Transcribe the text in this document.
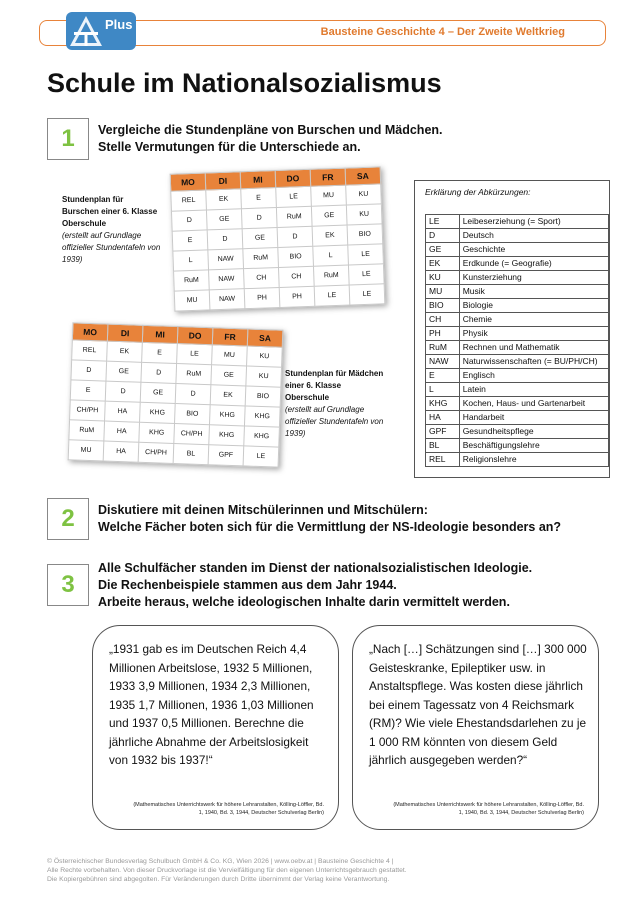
Bausteine Geschichte 4 – Der Zweite Weltkrieg
Plus
Schule im Nationalsozialismus
1	Vergleiche die Stundenpläne von Burschen und Mädchen.
Stelle Vermutungen für die Unterschiede an.

Stundenplan für Burschen einer 6. Klasse Oberschule
(erstellt auf Grundlage offizieller Stundentafeln von 1939)

MO	DI	MI	DO	FR	SA
REL	EK	E	LE	MU	KU
D	GE	D	RuM	GE	KU
E	D	GE	D	EK	BIO
L	NAW	RuM	BIO	L	LE
RuM	NAW	CH	CH	RuM	LE
MU	NAW	PH	PH	LE	LE
MO	DI	MI	DO	FR	SA
REL	EK	E	LE	MU	KU
D	GE	D	RuM	GE	KU
E	D	GE	D	EK	BIO
CH/PH	HA	KHG	BIO	KHG	KHG
RuM	HA	KHG	CH/PH	KHG	KHG
MU	HA	CH/PH	BL	GPF	LE

Stundenplan für Mädchen einer 6. Klasse Oberschule
(erstellt auf Grundlage offizieller Stundentafeln von 1939)

Erklärung der Abkürzungen:
LE	Leibeserziehung (= Sport)
D	Deutsch
GE	Geschichte
EK	Erdkunde (= Geografie)
KU	Kunsterziehung
MU	Musik
BIO	Biologie
CH	Chemie
PH	Physik
RuM	Rechnen und Mathematik
NAW	Naturwissenschaften (= BU/PH/CH)
E	Englisch
L	Latein
KHG	Kochen, Haus- und Gartenarbeit
HA	Handarbeit
GPF	Gesundheitspflege
BL	Beschäftigungslehre
REL	Religionslehre
2	Diskutiere mit deinen Mitschülerinnen und Mitschülern:
Welche Fächer boten sich für die Vermittlung der NS-Ideologie besonders an?

3

Alle Schulfächer standen im Dienst der nationalsozialistischen Ideologie.
Die Rechenbeispiele stammen aus dem Jahr 1944.
Arbeite heraus, welche ideologischen Inhalte darin vermittelt werden.

„1931 gab es im Deutschen Reich 4,4 Millionen Arbeitslose, 1932 5 Millionen, 1933 3,9 Millionen, 1934 2,3 Millionen, 1935 1,7 Millionen, 1936 1,03 Millionen und 1937 0,5 Millionen. Berechne die jährliche Abnahme der Arbeitslosigkeit von 1932 bis 1937!“

(Mathematisches Unterrichtswerk für höhere Lehranstalten, Kölling-Löffler, Bd.
1, 1940, Bd. 3, 1944, Deutscher Schulverlag Berlin)

„Nach […] Schätzungen sind […] 300 000 Geisteskranke, Epileptiker usw. in Anstaltspflege. Was kosten diese jährlich bei einem Tagessatz von 4 Reichsmark (RM)? Wie viele Ehestandsdarlehen zu je 1 000 RM könnten von diesem Geld jährlich ausgegeben werden?“

(Mathematisches Unterrichtswerk für höhere Lehranstalten, Kölling-Löffler, Bd.
1, 1940, Bd. 3, 1944, Deutscher Schulverlag Berlin)

© Österreichischer Bundesverlag Schulbuch GmbH & Co. KG, Wien 2026 | www.oebv.at | Bausteine Geschichte 4 |
Alle Rechte vorbehalten. Von dieser Druckvorlage ist die Vervielfältigung für den eigenen Unterrichtsgebrauch gestattet.
Die Kopiergebühren sind abgegolten. Für Veränderungen durch Dritte übernimmt der Verlag keine Verantwortung.
